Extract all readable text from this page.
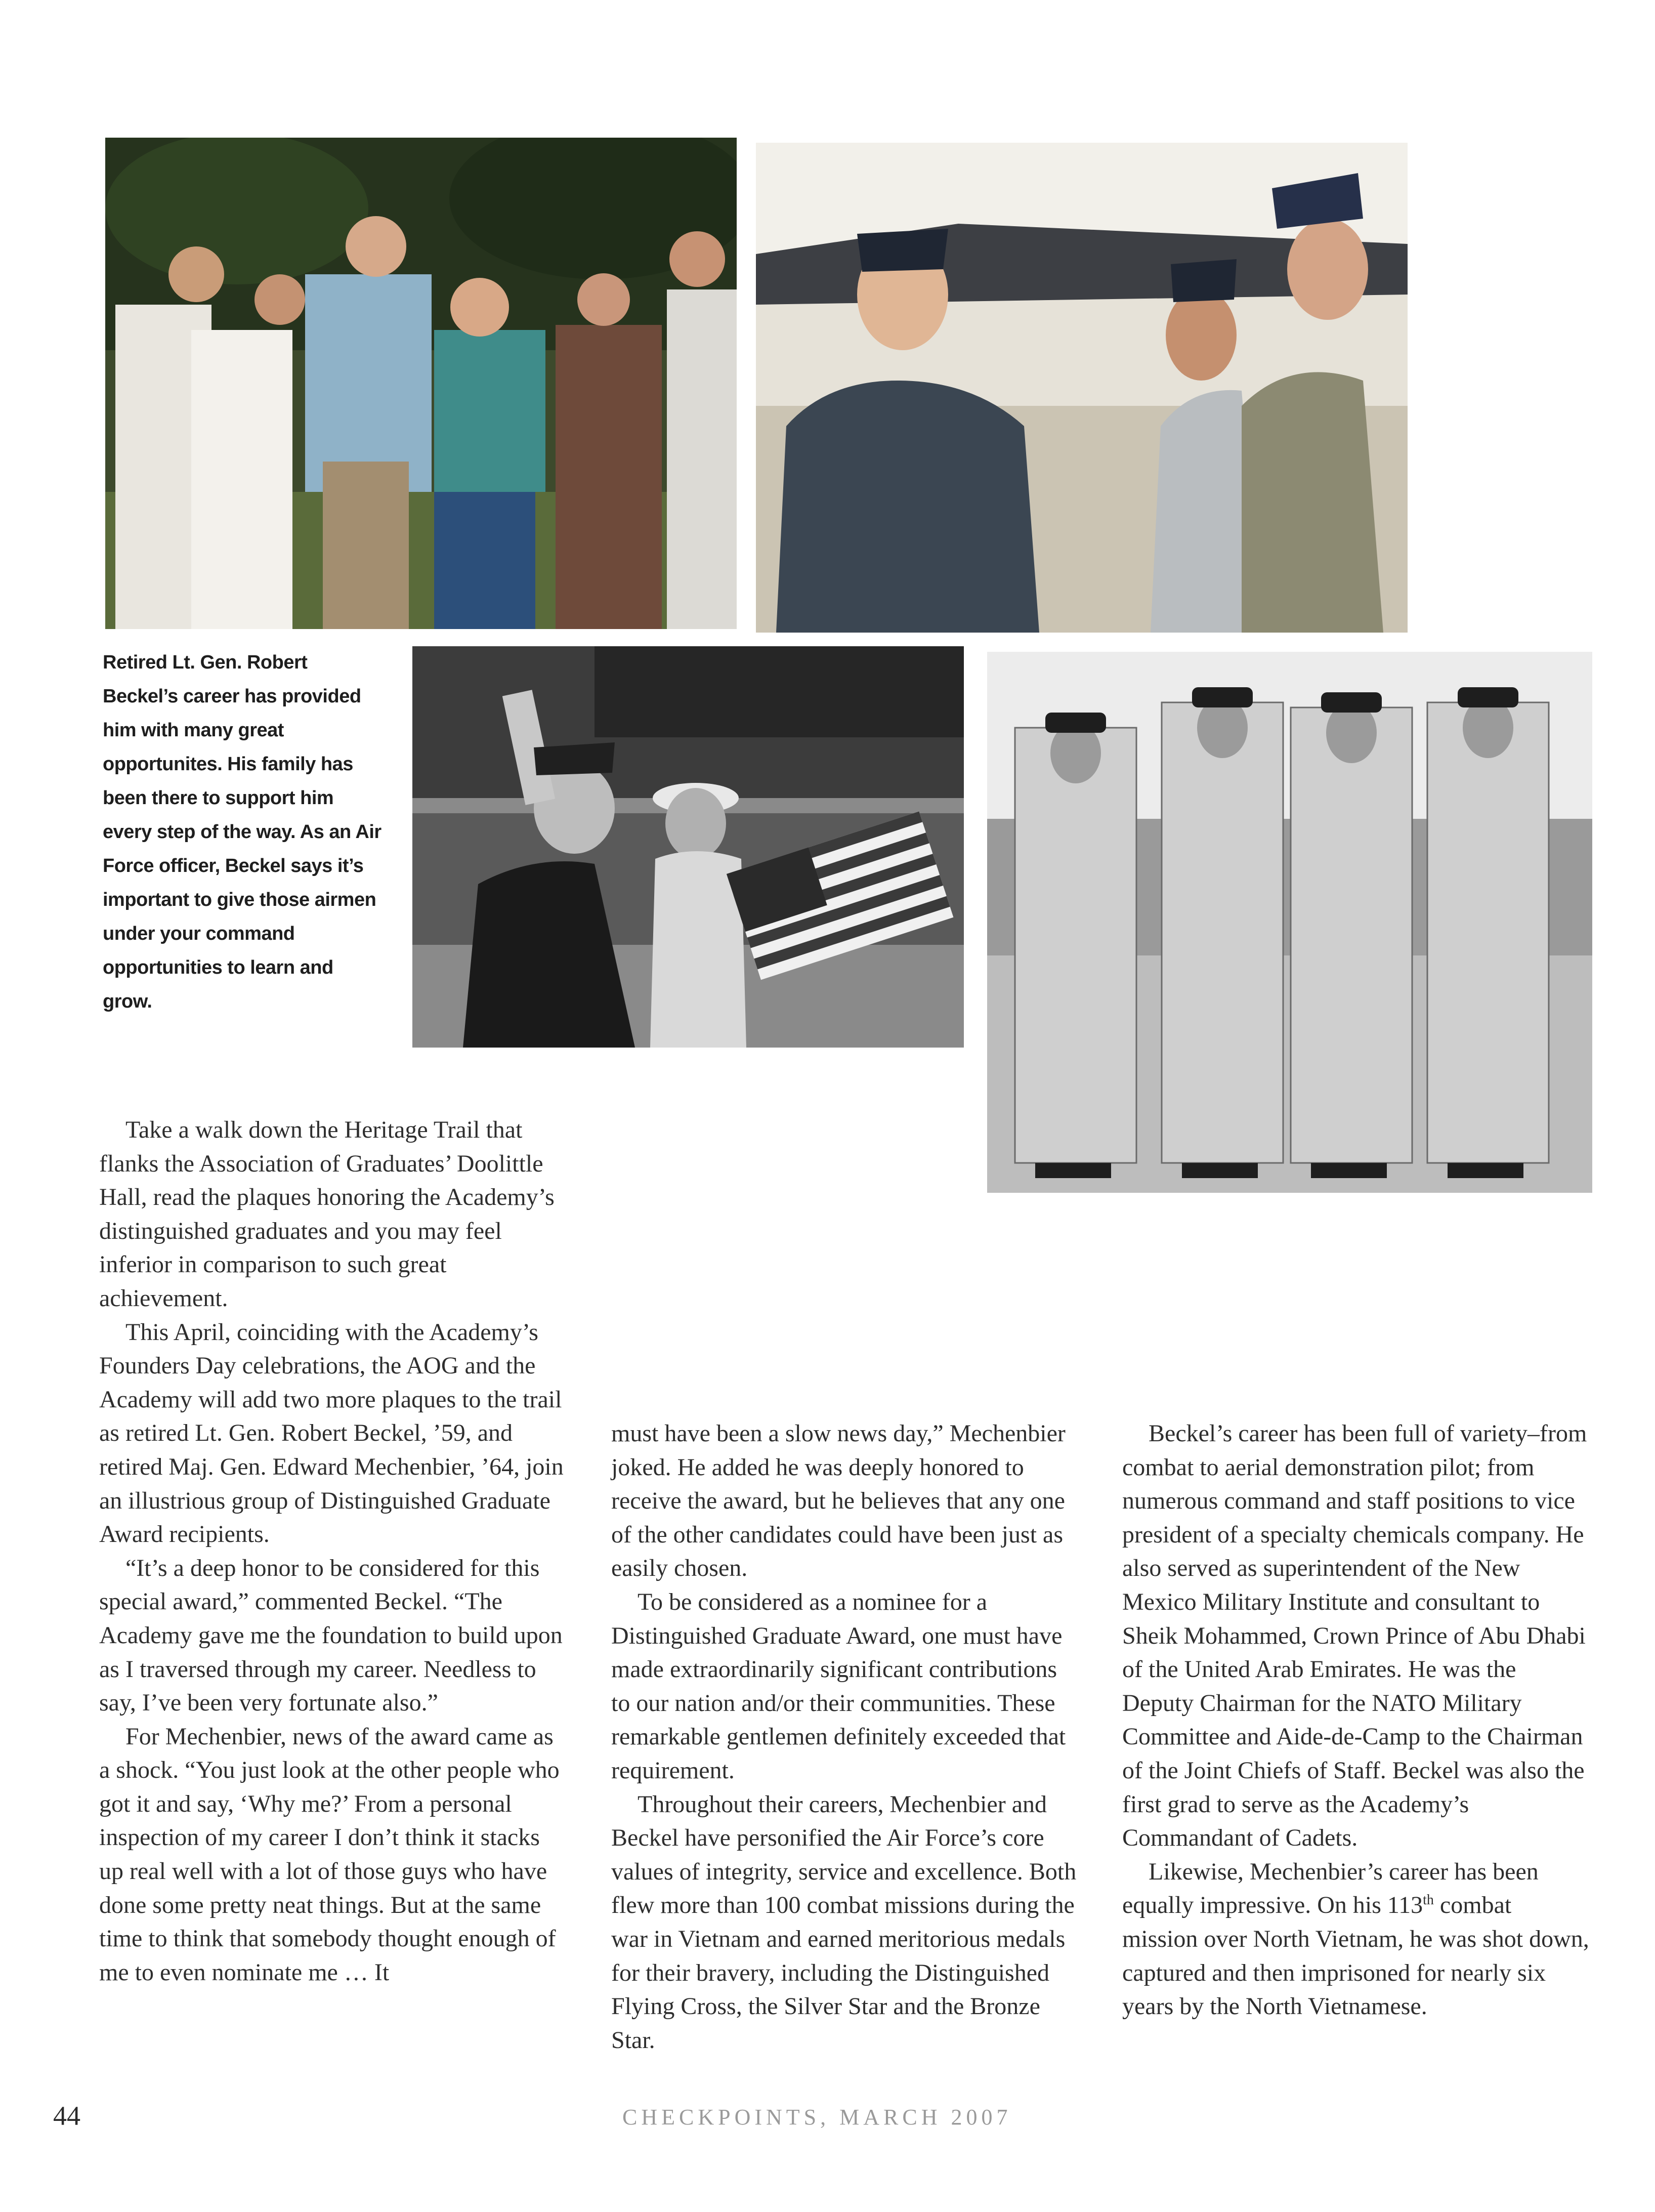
Retired Lt. Gen. Robert Beckel’s career has provided him with many great opportunites. His family has been there to support him every step of the way. As an Air Force officer, Beckel says it’s important to give those airmen under your command opportunities to learn and grow.

Take a walk down the Heritage Trail that flanks the Association of Graduates’ Doolittle Hall, read the plaques honoring the Academy’s distinguished graduates and you may feel inferior in comparison to such great achievement.

This April, coinciding with the Academy’s Founders Day celebrations, the AOG and the Academy will add two more plaques to the trail as retired Lt. Gen. Robert Beckel, ’59, and retired Maj. Gen. Edward Mechenbier, ’64, join an illustrious group of Distinguished Graduate Award recipients.

“It’s a deep honor to be considered for this special award,” commented Beckel. “The Academy gave me the foundation to build upon as I traversed through my career. Needless to say, I’ve been very fortunate also.”

For Mechenbier, news of the award came as a shock. “You just look at the other people who got it and say, ‘Why me?’ From a personal inspection of my career I don’t think it stacks up real well with a lot of those guys who have done some pretty neat things. But at the same time to think that somebody thought enough of me to even nominate me … It

must have been a slow news day,” Mechenbier joked. He added he was deeply honored to receive the award, but he believes that any one of the other candidates could have been just as easily chosen.

To be considered as a nominee for a Distinguished Graduate Award, one must have made extraordinarily significant contributions to our nation and/or their communities. These remarkable gentlemen definitely exceeded that requirement.

Throughout their careers, Mechenbier and Beckel have personified the Air Force’s core values of integrity, service and excellence. Both flew more than 100 combat missions during the war in Vietnam and earned meritorious medals for their bravery, including the Distinguished Flying Cross, the Silver Star and the Bronze Star.

Beckel’s career has been full of variety–from combat to aerial demonstration pilot; from numerous command and staff positions to vice president of a specialty chemicals company. He also served as superintendent of the New Mexico Military Institute and consultant to Sheik Mohammed, Crown Prince of Abu Dhabi of the United Arab Emirates. He was the Deputy Chairman for the NATO Military Committee and Aide-de-Camp to the Chairman of the Joint Chiefs of Staff. Beckel was also the first grad to serve as the Academy’s Commandant of Cadets.

Likewise, Mechenbier’s career has been equally impressive. On his 113th combat mission over North Vietnam, he was shot down, captured and then imprisoned for nearly six years by the North Vietnamese.

44	CHECKPOINTS, MARCH 2007
